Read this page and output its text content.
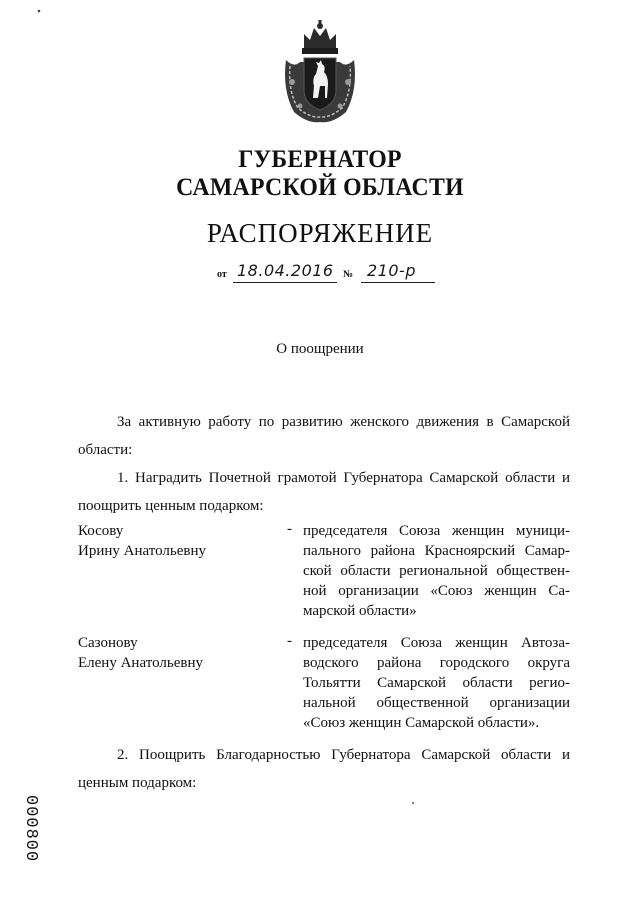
ГУБЕРНАТОР
САМАРСКОЙ ОБЛАСТИ
РАСПОРЯЖЕНИЕ
от 18.04.2016 № 210-р
О поощрении
За активную работу по развитию женского движения в Самарской
области:
1. Наградить Почетной грамотой Губернатора Самарской области и
поощрить ценным подарком:
Косову
Ирину Анатольевну
- председателя Союза женщин муници-
пального района Красноярский Самар-
ской области региональной обществен-
ной организации «Союз женщин Са-
марской области»
Сазонову
Елену Анатольевну
- председателя Союза женщин Автоза-
водского района городского округа
Тольятти Самарской области регио-
нальной общественной организации
«Союз женщин Самарской области».
2. Поощрить Благодарностью Губернатора Самарской области и
ценным подарком:
000800
